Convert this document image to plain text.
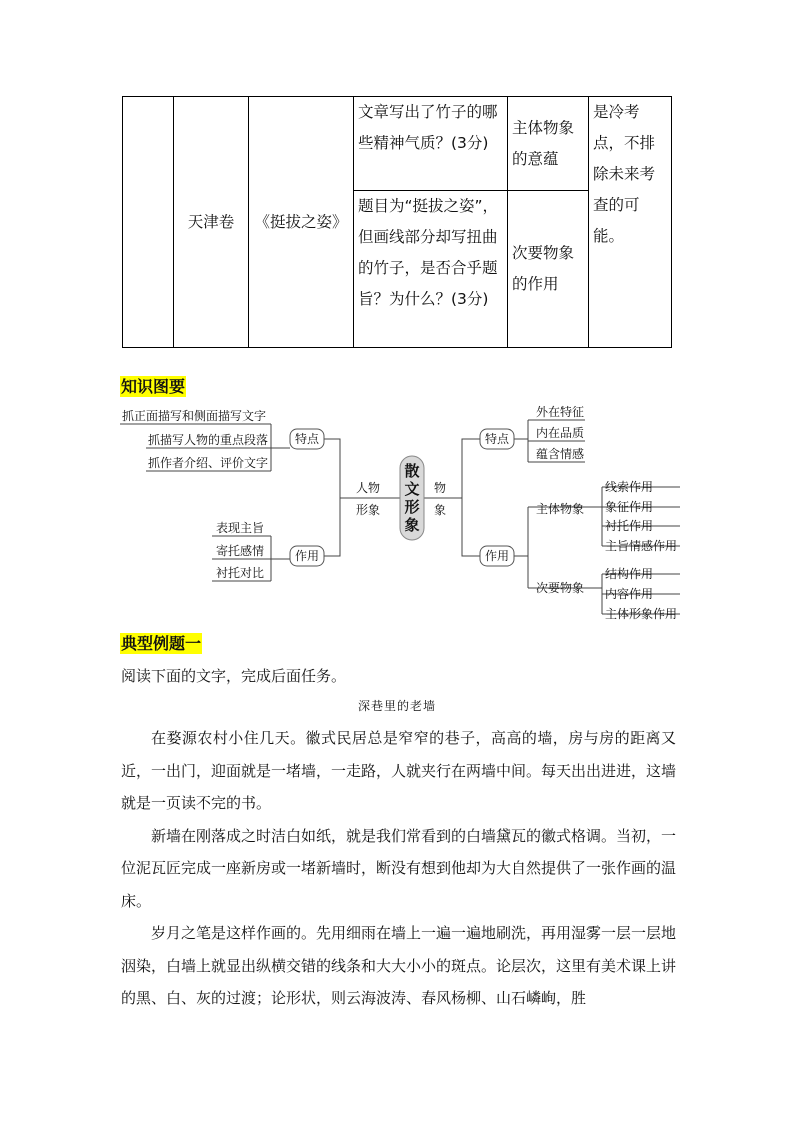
	天津卷	《挺拔之姿》	文章写出了竹子的哪些精神气质？(3分)	主体物象的意蕴	是冷考点，不排除未来考查的可能。
			题目为“挺拔之姿”，但画线部分却写扭曲的竹子，是否合乎题旨？为什么？(3分)	次要物象的作用	
知识图要
抓正面描写和侧面描写文字
抓描写人物的重点段落
抓作者介绍、评价文字
表现主旨
寄托感情
衬托对比
特点
作用
人物
形象
物
象
特点
作用
外在特征
内在品质
蕴含情感
主体物象
次要物象
线索作用
象征作用
衬托作用
主旨情感作用
结构作用
内容作用
主体形象作用
散
文
形
象
典型例题一
阅读下面的文字，完成后面任务。
深巷里的老墙

在婺源农村小住几天。徽式民居总是窄窄的巷子，高高的墙，房与房的距离又近，一出门，迎面就是一堵墙，一走路，人就夹行在两墙中间。每天出出进进，这墙就是一页读不完的书。

新墙在刚落成之时洁白如纸，就是我们常看到的白墙黛瓦的徽式格调。当初，一位泥瓦匠完成一座新房或一堵新墙时，断没有想到他却为大自然提供了一张作画的温床。

岁月之笔是这样作画的。先用细雨在墙上一遍一遍地刷洗，再用湿雾一层一层地洇染，白墙上就显出纵横交错的线条和大大小小的斑点。论层次，这里有美术课上讲的黑、白、灰的过渡；论形状，则云海波涛、春风杨柳、山石嶙峋，胜
